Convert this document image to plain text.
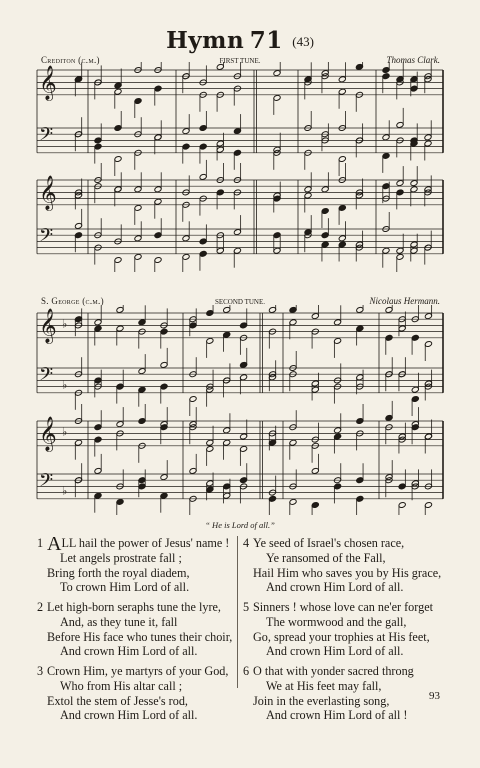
Hymn 71 (43)
Crediton (c.m.)	FIRST TUNE.	Thomas Clark.
𝄞
𝄢
𝄞
𝄢
S. George (c.m.)	SECOND TUNE.	Nicolaus Hermann.
𝄞 ♭
𝄢 ♭
𝄞 ♭
𝄢 ♭
“ He is Lord of all.”

1

ALL hail the power of Jesus' name !

Let angels prostrate fall ;

Bring forth the royal diadem,

To crown Him Lord of all.

2

Let high-born seraphs tune the lyre,

And, as they tune it, fall

Before His face who tunes their choir,

And crown Him Lord of all.

3

Crown Him, ye martyrs of your God,

Who from His altar call ;

Extol the stem of Jesse's rod,

And crown Him Lord of all.

4

Ye seed of Israel's chosen race,

Ye ransomed of the Fall,

Hail Him who saves you by His grace,

And crown Him Lord of all.

5

Sinners ! whose love can ne'er forget

The wormwood and the gall,

Go, spread your trophies at His feet,

And crown Him Lord of all.

6

O that with yonder sacred throng

We at His feet may fall,

Join in the everlasting song,

And crown Him Lord of all !

93
